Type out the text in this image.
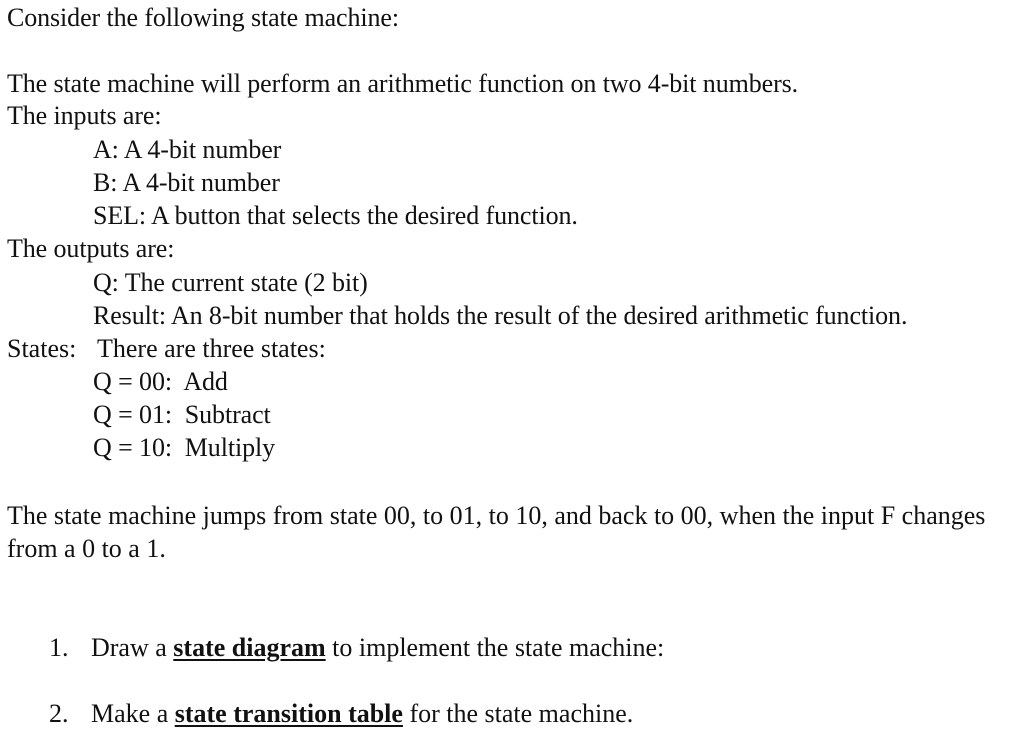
Consider the following state machine:
The state machine will perform an arithmetic function on two 4-bit numbers.
The inputs are:
A: A 4-bit number
B: A 4-bit number
SEL: A button that selects the desired function.
The outputs are:
Q: The current state (2 bit)
Result: An 8-bit number that holds the result of the desired arithmetic function.
States: There are three states:
Q = 00: Add
Q = 01: Subtract
Q = 10: Multiply
The state machine jumps from state 00, to 01, to 10, and back to 00, when the input F changes from a 0 to a 1.
1. Draw a state diagram to implement the state machine:
2. Make a state transition table for the state machine.
